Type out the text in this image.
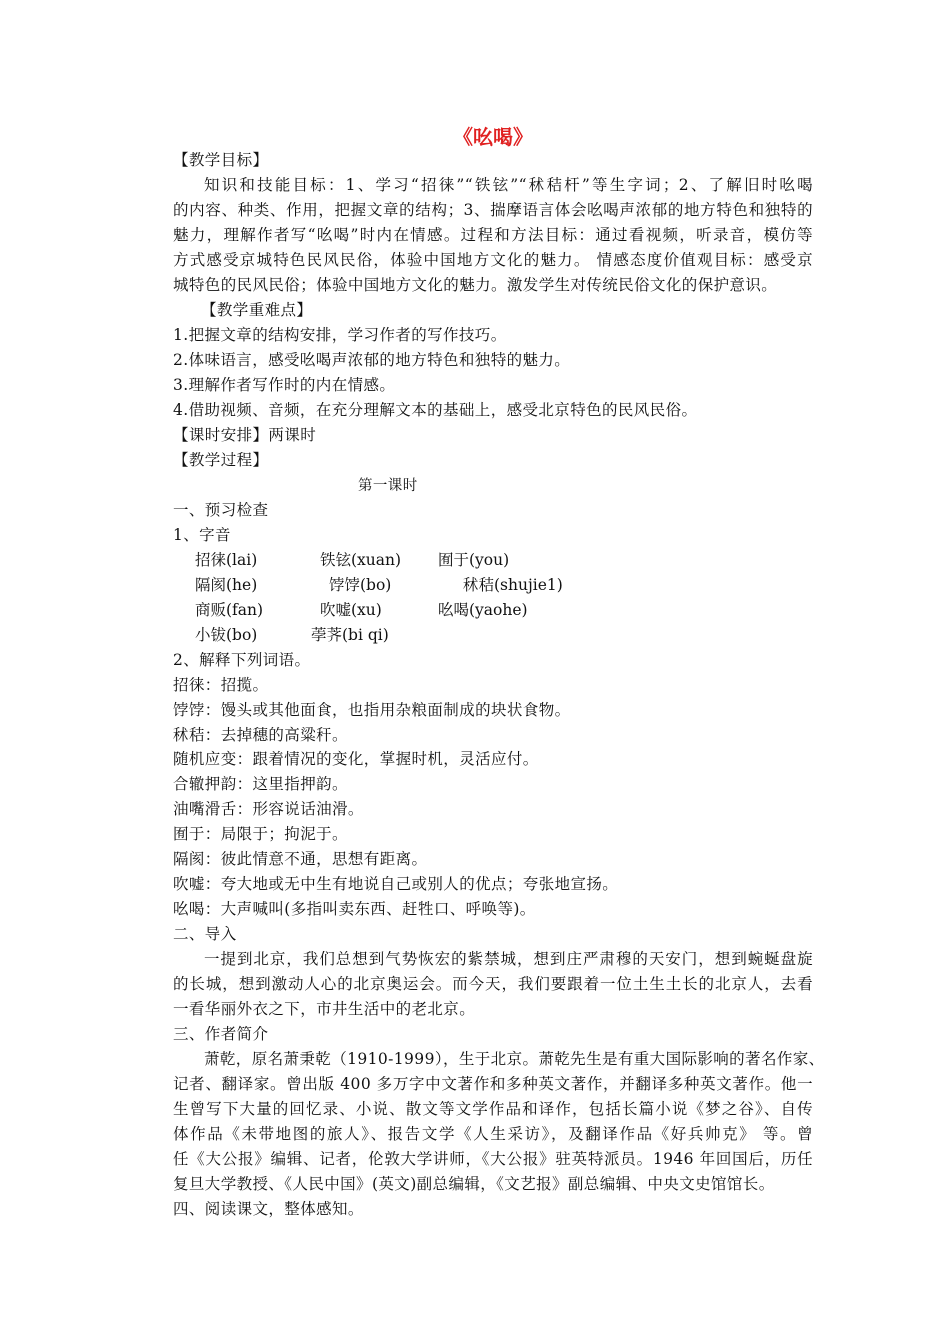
《吆喝》
【教学目标】
知识和技能目标：1、学习“招徕”“铁铉”“秫秸杆”等生字词；2、了解旧时吆喝
的内容、种类、作用，把握文章的结构；3、揣摩语言体会吆喝声浓郁的地方特色和独特的
魅力，理解作者写“吆喝”时内在情感。过程和方法目标：通过看视频，听录音，模仿等
方式感受京城特色民风民俗，体验中国地方文化的魅力。 情感态度价值观目标：感受京
城特色的民风民俗；体验中国地方文化的魅力。激发学生对传统民俗文化的保护意识。
【教学重难点】
1.把握文章的结构安排，学习作者的写作技巧。
2.体味语言，感受吆喝声浓郁的地方特色和独特的魅力。
3.理解作者写作时的内在情感。
4.借助视频、音频，在充分理解文本的基础上，感受北京特色的民风民俗。
【课时安排】两课时
【教学过程】
第一课时
一、预习检查
1、字音
招徕(lai)	铁铉(xuan) 囿于(you)
隔阂(he)	饽饽(bo)	秫秸(shujie1)
商贩(fan)	吹嘘(xu)	吆喝(yaohe)
小钹(bo)	荸荠(bi qi)
2、解释下列词语。
招徕：招揽。
饽饽：馒头或其他面食，也指用杂粮面制成的块状食物。
秫秸：去掉穗的高粱秆。
随机应变：跟着情况的变化，掌握时机，灵活应付。
合辙押韵：这里指押韵。
油嘴滑舌：形容说话油滑。
囿于：局限于；拘泥于。
隔阂：彼此情意不通，思想有距离。
吹嘘：夸大地或无中生有地说自己或别人的优点；夸张地宣扬。
吆喝：大声喊叫(多指叫卖东西、赶牲口、呼唤等)。
二、导入
一提到北京，我们总想到气势恢宏的紫禁城，想到庄严肃穆的天安门，想到蜿蜒盘旋
的长城，想到激动人心的北京奥运会。而今天，我们要跟着一位土生土长的北京人，去看
一看华丽外衣之下，市井生活中的老北京。
三、作者简介
萧乾，原名萧秉乾（1910-1999），生于北京。萧乾先生是有重大国际影响的著名作家、
记者、翻译家。曾出版 400 多万字中文著作和多种英文著作，并翻译多种英文著作。他一
生曾写下大量的回忆录、小说、散文等文学作品和译作，包括长篇小说《梦之谷》、自传
体作品《未带地图的旅人》、报告文学《人生采访》，及翻译作品《好兵帅克》 等。曾
任《大公报》编辑、记者，伦敦大学讲师，《大公报》驻英特派员。1946 年回国后，历任
复旦大学教授、《人民中国》(英文)副总编辑，《文艺报》副总编辑、中央文史馆馆长。
四、阅读课文，整体感知。
